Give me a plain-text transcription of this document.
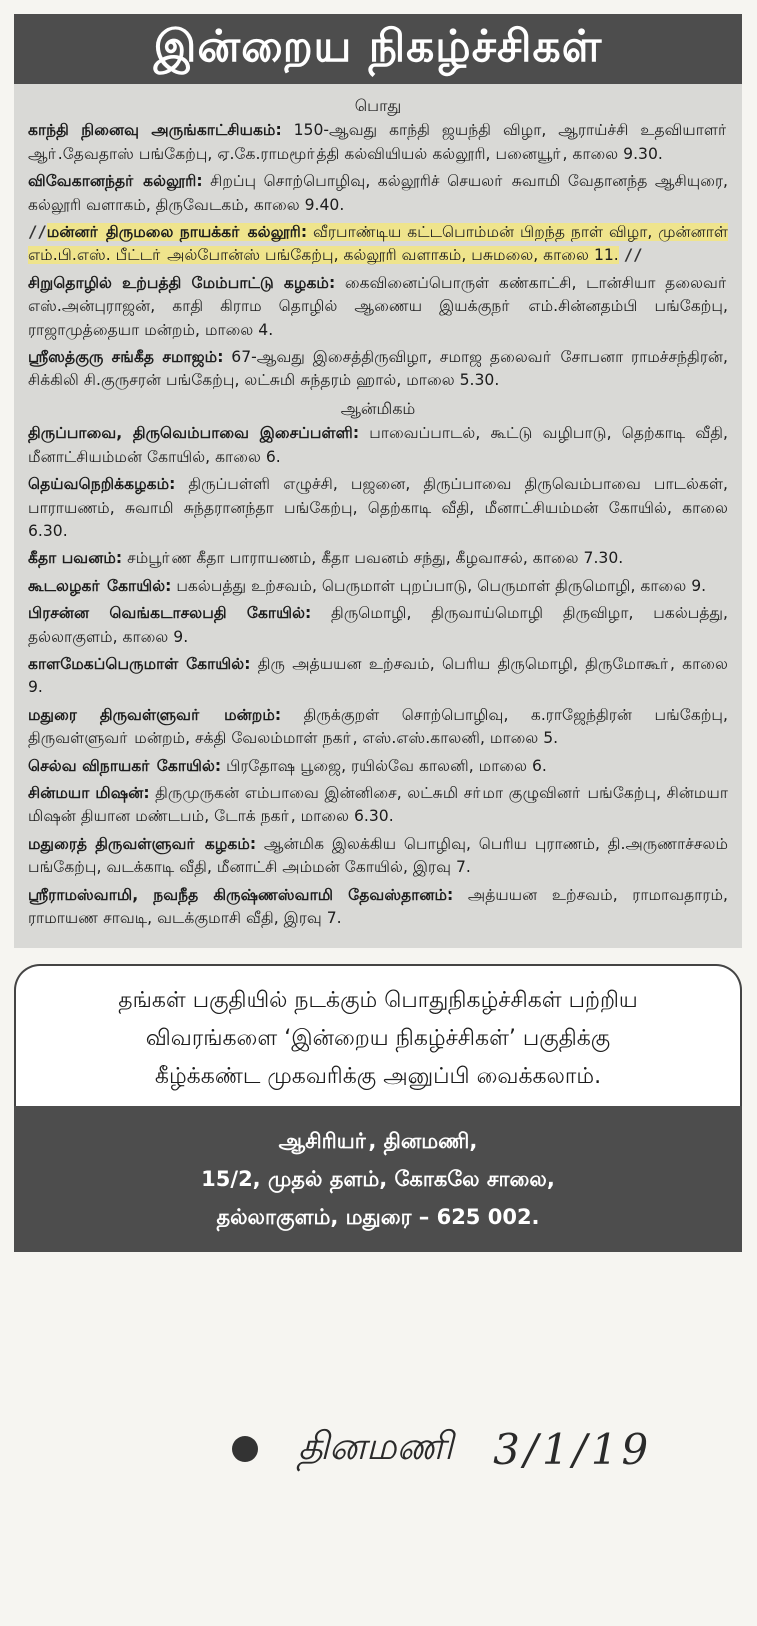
இன்றைய நிகழ்ச்சிகள்
பொது

காந்தி நினைவு அருங்காட்சியகம்: 150-ஆவது காந்தி ஜயந்தி விழா, ஆராய்ச்சி உதவியாளா் ஆா்.தேவதாஸ் பங்கேற்பு, ஏ.கே.ராமமூா்த்தி கல்வியியல் கல்லூரி, பனையூா், காலை 9.30.

விவேகானந்தா் கல்லூரி: சிறப்பு சொற்பொழிவு, கல்லூரிச் செயலா் சுவாமி வேதானந்த ஆசியுரை, கல்லூரி வளாகம், திருவேடகம், காலை 9.40.

//மன்னா் திருமலை நாயக்கா் கல்லூரி: வீரபாண்டிய கட்டபொம்மன் பிறந்த நாள் விழா, முன்னாள் எம்.பி.எஸ். பீட்டா் அல்போன்ஸ் பங்கேற்பு, கல்லூரி வளாகம், பசுமலை, காலை 11. //

சிறுதொழில் உற்பத்தி மேம்பாட்டு கழகம்: கைவினைப்பொருள் கண்காட்சி, டான்சியா தலைவா் எஸ்.அன்புராஜன், காதி கிராம தொழில் ஆணைய இயக்குநா் எம்.சின்னதம்பி பங்கேற்பு, ராஜாமுத்தையா மன்றம், மாலை 4.

ஸ்ரீஸத்குரு சங்கீத சமாஜம்: 67-ஆவது இசைத்திருவிழா, சமாஜ தலைவா் சோபனா ராமச்சந்திரன், சிக்கிலி சி.குருசரன் பங்கேற்பு, லட்சுமி சுந்தரம் ஹால், மாலை 5.30.

ஆன்மிகம்

திருப்பாவை, திருவெம்பாவை இசைப்பள்ளி: பாவைப்பாடல், கூட்டு வழிபாடு, தெற்காடி வீதி, மீனாட்சியம்மன் கோயில், காலை 6.

தெய்வநெறிக்கழகம்: திருப்பள்ளி எழுச்சி, பஜனை, திருப்பாவை திருவெம்பாவை பாடல்கள், பாராயணம், சுவாமி சுந்தரானந்தா பங்கேற்பு, தெற்காடி வீதி, மீனாட்சியம்மன் கோயில், காலை 6.30.

கீதா பவனம்: சம்பூா்ண கீதா பாராயணம், கீதா பவனம் சந்து, கீழவாசல், காலை 7.30.

கூடலழகா் கோயில்: பகல்பத்து உற்சவம், பெருமாள் புறப்பாடு, பெருமாள் திருமொழி, காலை 9.

பிரசன்ன வெங்கடாசலபதி கோயில்: திருமொழி, திருவாய்மொழி திருவிழா, பகல்பத்து, தல்லாகுளம், காலை 9.

காளமேகப்பெருமாள் கோயில்: திரு அத்யயன உற்சவம், பெரிய திருமொழி, திருமோகூா், காலை 9.

மதுரை திருவள்ளுவா் மன்றம்: திருக்குறள் சொற்பொழிவு, க.ராஜேந்திரன் பங்கேற்பு, திருவள்ளுவா் மன்றம், சக்தி வேலம்மாள் நகா், எஸ்.எஸ்.காலனி, மாலை 5.

செல்வ விநாயகா் கோயில்: பிரதோஷ பூஜை, ரயில்வே காலனி, மாலை 6.

சின்மயா மிஷன்: திருமுருகன் எம்பாவை இன்னிசை, லட்சுமி சா்மா குழுவினா் பங்கேற்பு, சின்மயா மிஷன் தியான மண்டபம், டோக் நகா், மாலை 6.30.

மதுரைத் திருவள்ளுவா் கழகம்: ஆன்மிக இலக்கிய பொழிவு, பெரிய புராணம், தி.அருணாச்சலம் பங்கேற்பு, வடக்காடி வீதி, மீனாட்சி அம்மன் கோயில், இரவு 7.

ஸ்ரீராமஸ்வாமி, நவநீத கிருஷ்ணஸ்வாமி தேவஸ்தானம்: அத்யயன உற்சவம், ராமாவதாரம், ராமாயண சாவடி, வடக்குமாசி வீதி, இரவு 7.

தங்கள் பகுதியில் நடக்கும் பொதுநிகழ்ச்சிகள் பற்றிய
விவரங்களை ‘இன்றைய நிகழ்ச்சிகள்’ பகுதிக்கு
கீழ்க்கண்ட முகவரிக்கு அனுப்பி வைக்கலாம்.
ஆசிரியா், தினமணி,
15/2, முதல் தளம், கோகலே சாலை,
தல்லாகுளம், மதுரை – 625 002.
தினமணி 3/1/19
